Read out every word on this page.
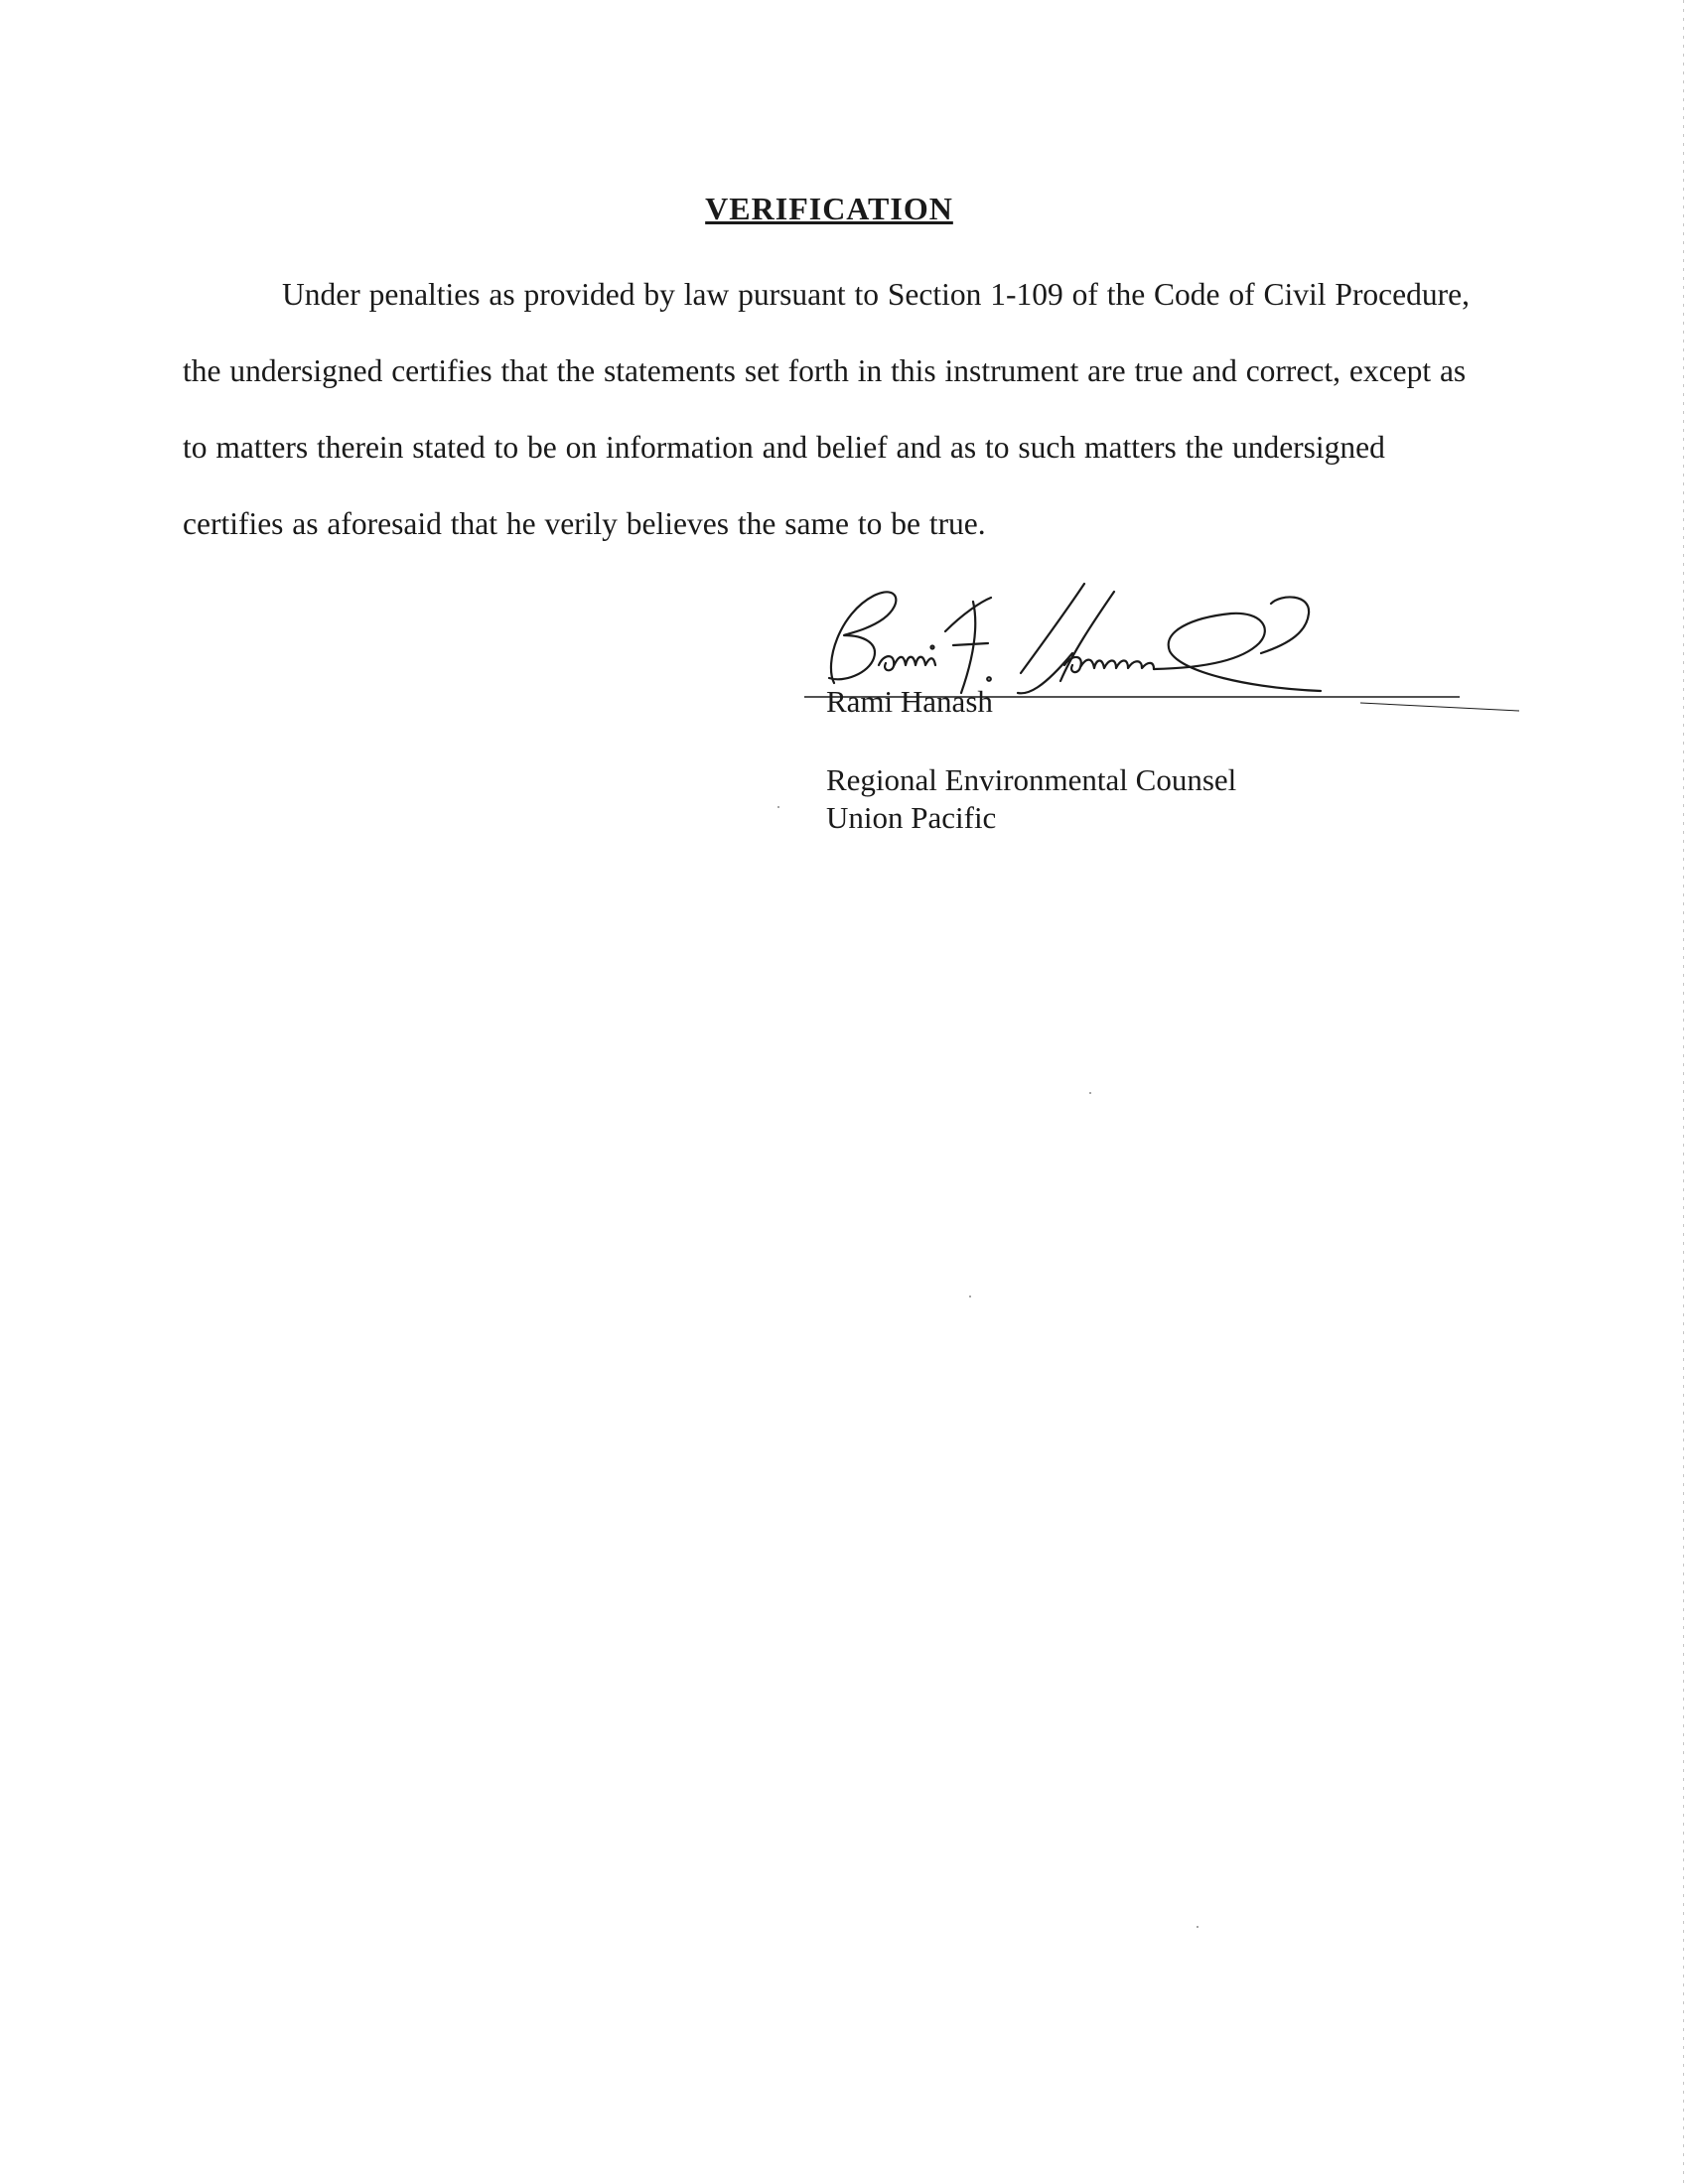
VERIFICATION

Under penalties as provided by law pursuant to Section 1-109 of the Code of Civil Procedure, the undersigned certifies that the statements set forth in this instrument are true and correct, except as to matters therein stated to be on information and belief and as to such matters the undersigned certifies as aforesaid that he verily believes the same to be true.

Rami Hanash

Regional Environmental Counsel
Union Pacific
